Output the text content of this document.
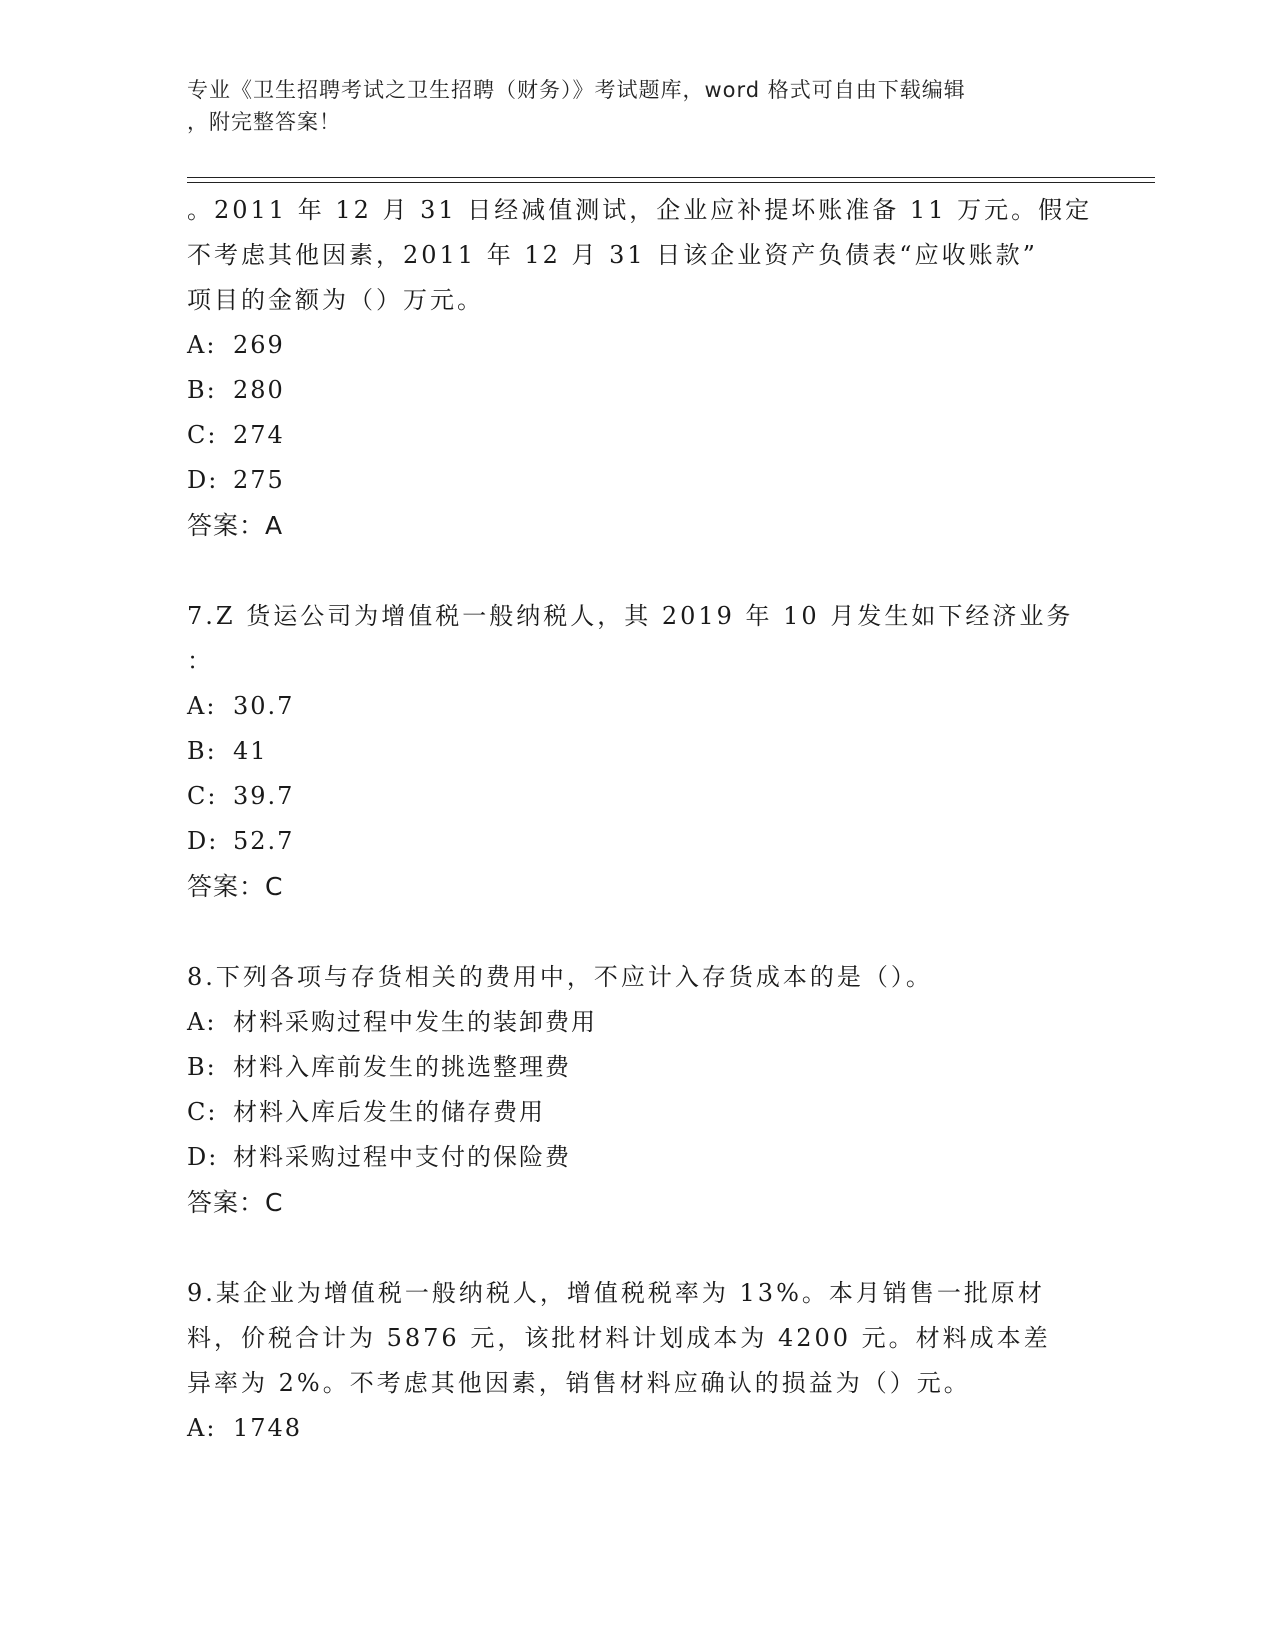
专业《卫生招聘考试之卫生招聘（财务）》考试题库，word 格式可自由下载编辑
，附完整答案！
。2011 年 12 月 31 日经减值测试，企业应补提坏账准备 11 万元。假定
不考虑其他因素，2011 年 12 月 31 日该企业资产负债表“应收账款”
项目的金额为（）万元。
A: 269
B: 280
C: 274
D: 275
答案：A
7.Z 货运公司为增值税一般纳税人，其 2019 年 10 月发生如下经济业务
：
A: 30.7
B: 41
C: 39.7
D: 52.7
答案：C
8.下列各项与存货相关的费用中，不应计入存货成本的是（）。
A: 材料采购过程中发生的装卸费用
B: 材料入库前发生的挑选整理费
C: 材料入库后发生的储存费用
D: 材料采购过程中支付的保险费
答案：C
9.某企业为增值税一般纳税人，增值税税率为 13%。本月销售一批原材
料，价税合计为 5876 元，该批材料计划成本为 4200 元。材料成本差
异率为 2%。不考虑其他因素，销售材料应确认的损益为（）元。
A: 1748
